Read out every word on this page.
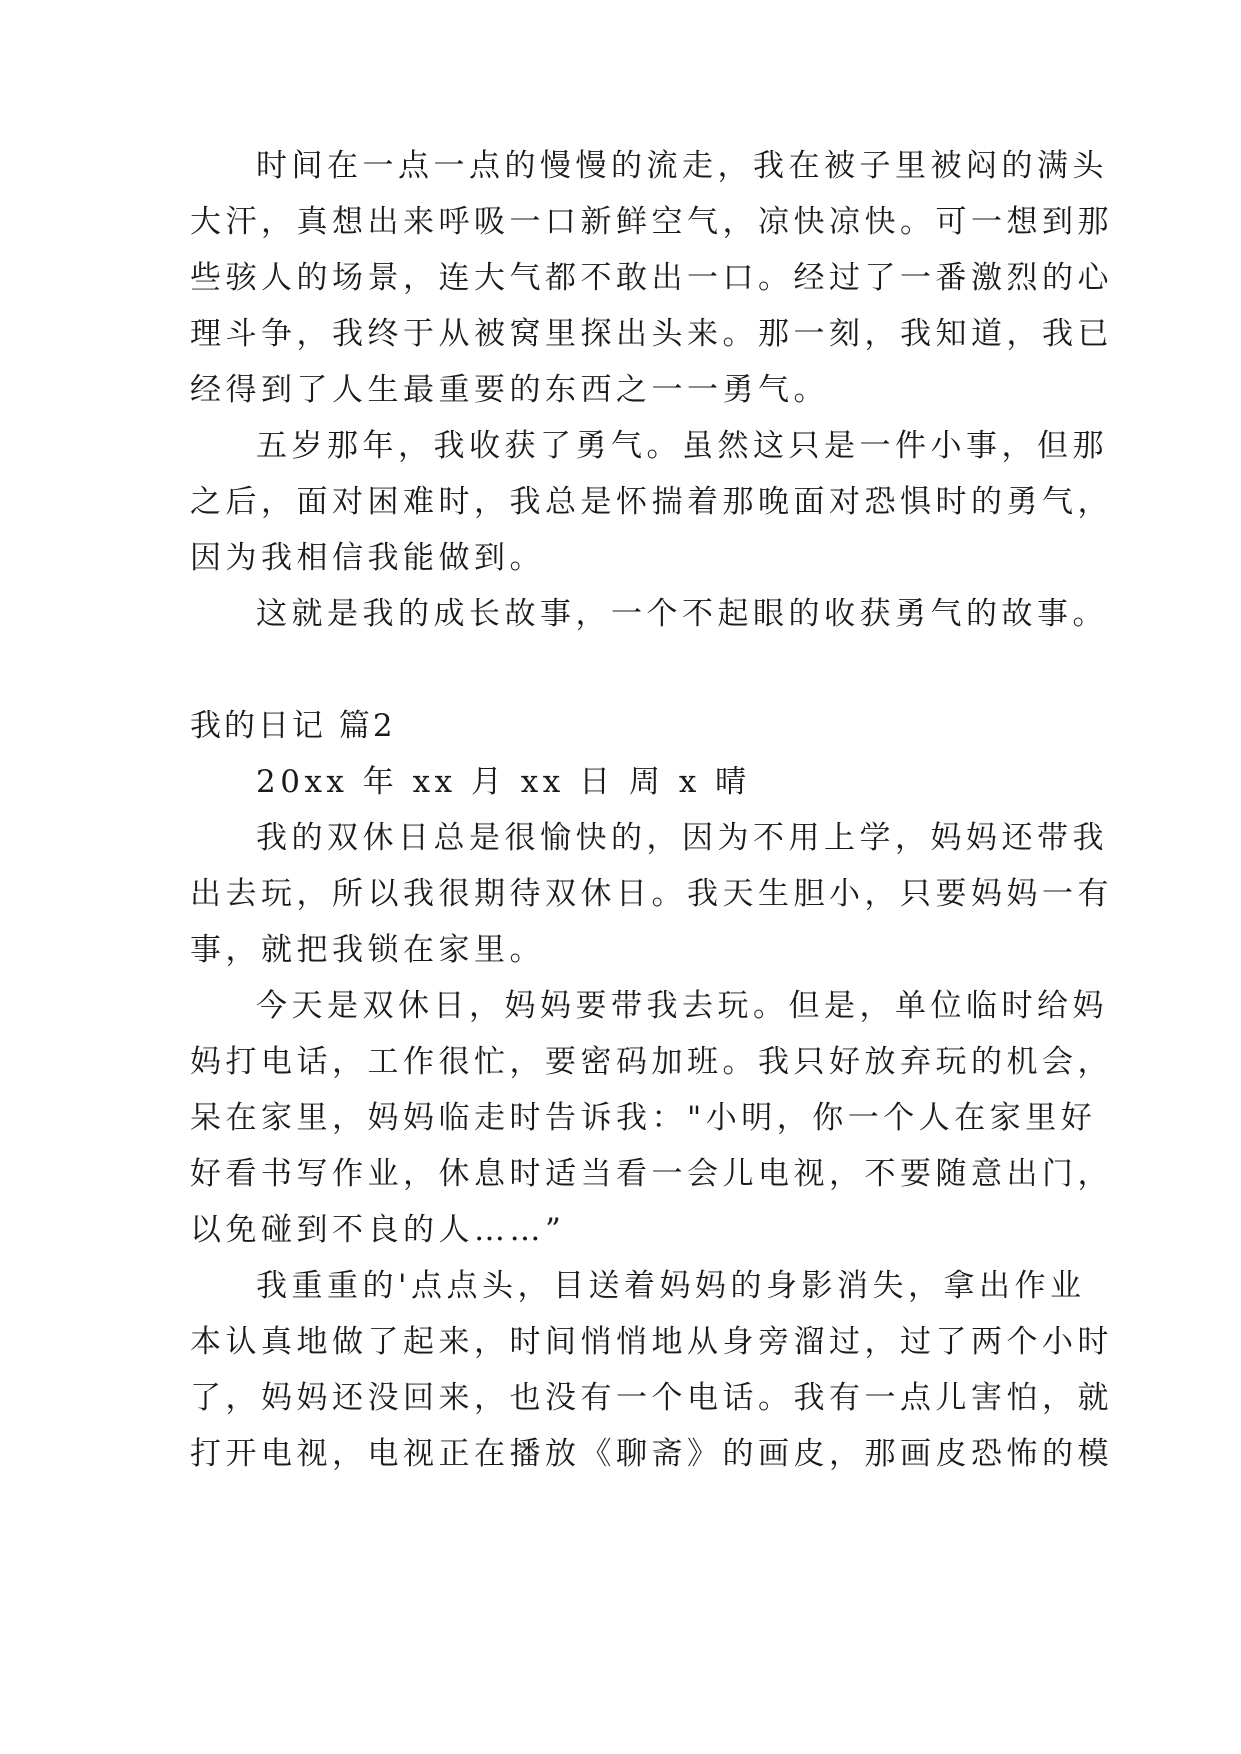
时间在一点一点的慢慢的流走，我在被子里被闷的满头

大汗，真想出来呼吸一口新鲜空气，凉快凉快。可一想到那

些骇人的场景，连大气都不敢出一口。经过了一番激烈的心

理斗争，我终于从被窝里探出头来。那一刻，我知道，我已

经得到了人生最重要的东西之一一勇气。

五岁那年，我收获了勇气。虽然这只是一件小事，但那

之后，面对困难时，我总是怀揣着那晚面对恐惧时的勇气，

因为我相信我能做到。

这就是我的成长故事，一个不起眼的收获勇气的故事。

我的日记 篇2

20xx 年 xx 月 xx 日 周 x 晴

我的双休日总是很愉快的，因为不用上学，妈妈还带我

出去玩，所以我很期待双休日。我天生胆小，只要妈妈一有

事，就把我锁在家里。

今天是双休日，妈妈要带我去玩。但是，单位临时给妈

妈打电话，工作很忙，要密码加班。我只好放弃玩的机会，

呆在家里，妈妈临走时告诉我："小明，你一个人在家里好

好看书写作业，休息时适当看一会儿电视，不要随意出门，

以免碰到不良的人……”

我重重的'点点头，目送着妈妈的身影消失，拿出作业

本认真地做了起来，时间悄悄地从身旁溜过，过了两个小时

了，妈妈还没回来，也没有一个电话。我有一点儿害怕，就

打开电视，电视正在播放《聊斋》的画皮，那画皮恐怖的模
